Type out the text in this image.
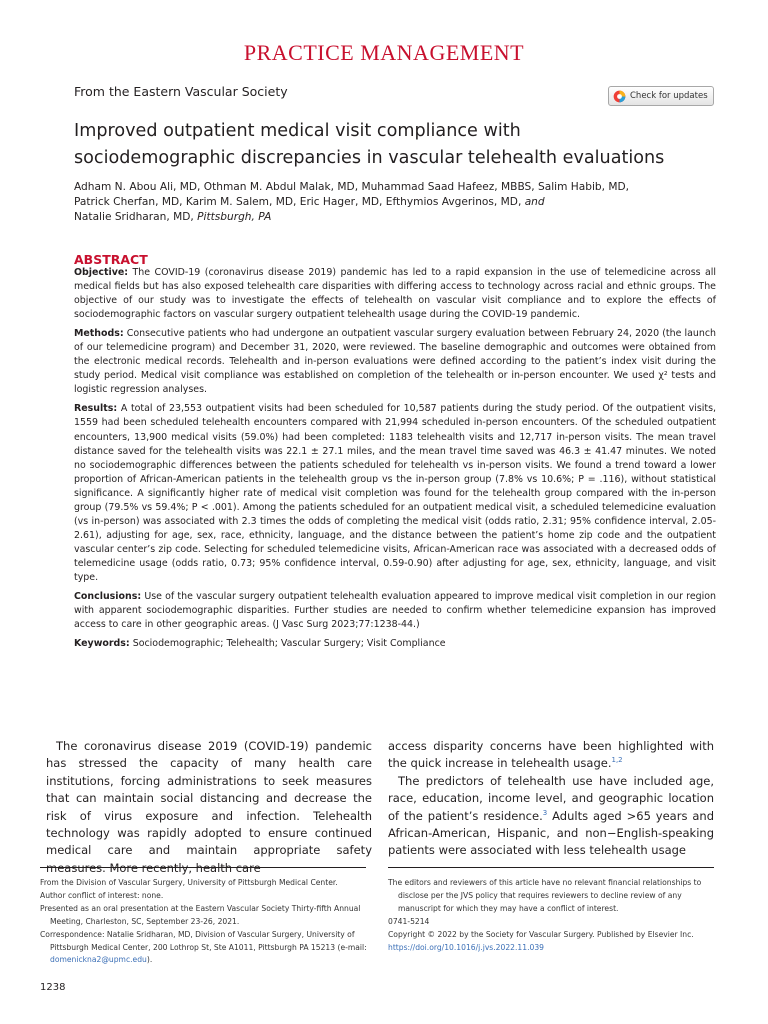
PRACTICE MANAGEMENT
From the Eastern Vascular Society	Check for updates
Improved outpatient medical visit compliance with
sociodemographic discrepancies in vascular telehealth evaluations
Adham N. Abou Ali, MD, Othman M. Abdul Malak, MD, Muhammad Saad Hafeez, MBBS, Salim Habib, MD,
Patrick Cherfan, MD, Karim M. Salem, MD, Eric Hager, MD, Efthymios Avgerinos, MD, and
Natalie Sridharan, MD, Pittsburgh, PA
ABSTRACT

Objective: The COVID-19 (coronavirus disease 2019) pandemic has led to a rapid expansion in the use of telemedicine across all medical fields but has also exposed telehealth care disparities with differing access to technology across racial and ethnic groups. The objective of our study was to investigate the effects of telehealth on vascular visit compliance and to explore the effects of sociodemographic factors on vascular surgery outpatient telehealth usage during the COVID-19 pandemic.

Methods: Consecutive patients who had undergone an outpatient vascular surgery evaluation between February 24, 2020 (the launch of our telemedicine program) and December 31, 2020, were reviewed. The baseline demographic and outcomes were obtained from the electronic medical records. Telehealth and in-person evaluations were defined according to the patient’s index visit during the study period. Medical visit compliance was established on completion of the telehealth or in-person encounter. We used χ² tests and logistic regression analyses.

Results: A total of 23,553 outpatient visits had been scheduled for 10,587 patients during the study period. Of the outpatient visits, 1559 had been scheduled telehealth encounters compared with 21,994 scheduled in-person encounters. Of the scheduled outpatient encounters, 13,900 medical visits (59.0%) had been completed: 1183 telehealth visits and 12,717 in-person visits. The mean travel distance saved for the telehealth visits was 22.1 ± 27.1 miles, and the mean travel time saved was 46.3 ± 41.47 minutes. We noted no sociodemographic differences between the patients scheduled for telehealth vs in-person visits. We found a trend toward a lower proportion of African-American patients in the telehealth group vs the in-person group (7.8% vs 10.6%; P = .116), without statistical significance. A significantly higher rate of medical visit completion was found for the telehealth group compared with the in-person group (79.5% vs 59.4%; P < .001). Among the patients scheduled for an outpatient medical visit, a scheduled telemedicine evaluation (vs in-person) was associated with 2.3 times the odds of completing the medical visit (odds ratio, 2.31; 95% confidence interval, 2.05-2.61), adjusting for age, sex, race, ethnicity, language, and the distance between the patient’s home zip code and the outpatient vascular center’s zip code. Selecting for scheduled telemedicine visits, African-American race was associated with a decreased odds of telemedicine usage (odds ratio, 0.73; 95% confidence interval, 0.59-0.90) after adjusting for age, sex, ethnicity, language, and visit type.

Conclusions: Use of the vascular surgery outpatient telehealth evaluation appeared to improve medical visit completion in our region with apparent sociodemographic disparities. Further studies are needed to confirm whether telemedicine expansion has improved access to care in other geographic areas. (J Vasc Surg 2023;77:1238-44.)

Keywords: Sociodemographic; Telehealth; Vascular Surgery; Visit Compliance

The coronavirus disease 2019 (COVID-19) pandemic has stressed the capacity of many health care institutions, forcing administrations to seek measures that can maintain social distancing and decrease the risk of virus exposure and infection. Telehealth technology was rapidly adopted to ensure continued medical care and maintain appropriate safety

access disparity concerns have been highlighted with the quick increase in telehealth usage.$^{1,2}$

The predictors of telehealth use have included age, race, education, income level, and geographic location of the patient’s residence.$^3$ Adults aged >65 years and African-American, Hispanic, and non−English-speaking patients were associated with less telehealth usage

From the Division of Vascular Surgery, University of Pittsburgh Medical Center.

Author conflict of interest: none.

Presented as an oral presentation at the Eastern Vascular Society Thirty-fifth Annual Meeting, Charleston, SC, September 23-26, 2021.

Correspondence: Natalie Sridharan, MD, Division of Vascular Surgery, University of Pittsburgh Medical Center, 200 Lothrop St, Ste A1011, Pittsburgh PA 15213 (e-mail: domenickna2@upmc.edu).

The editors and reviewers of this article have no relevant financial relationships to disclose per the JVS policy that requires reviewers to decline review of any manuscript for which they may have a conflict of interest.

0741-5214

Copyright © 2022 by the Society for Vascular Surgery. Published by Elsevier Inc.

https://doi.org/10.1016/j.jvs.2022.11.039

1238
